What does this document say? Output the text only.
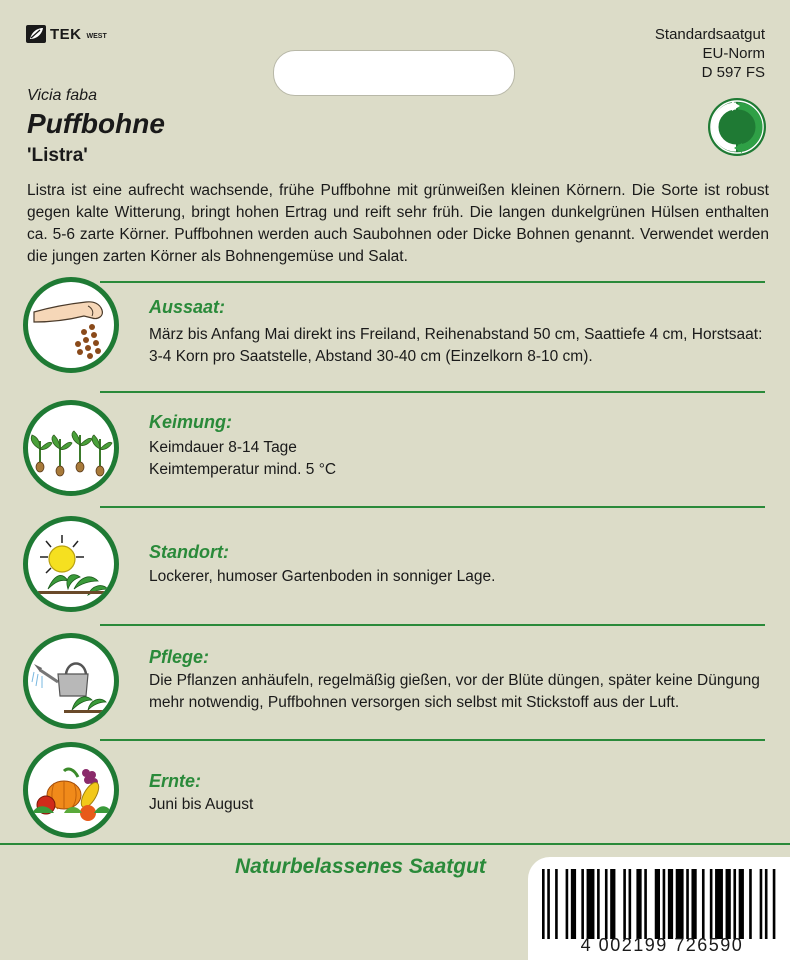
TEK WEST	Standardsaatgut
EU-Norm
D 597 FS
Vicia faba
Puffbohne
'Listra'

Listra ist eine aufrecht wachsende, frühe Puffbohne mit grünweißen kleinen Körnern. Die Sorte ist robust gegen kalte Witterung, bringt hohen Ertrag und reift sehr früh. Die langen dunkelgrünen Hülsen enthalten ca. 5-6 zarte Körner. Puffbohnen werden auch Saubohnen oder Dicke Bohnen genannt. Verwendet werden die jungen zarten Körner als Bohnengemüse und Salat.

Aussaat:

März bis Anfang Mai direkt ins Freiland, Reihenabstand 50 cm, Saattiefe 4 cm, Horstsaat: 3-4 Korn pro Saatstelle, Abstand 30-40 cm (Einzelkorn 8-10 cm).

Keimung:

Keimdauer 8-14 Tage
Keimtemperatur mind. 5 °C

Standort:

Lockerer, humoser Gartenboden in sonniger Lage.

Pflege:

Die Pflanzen anhäufeln, regelmäßig gießen, vor der Blüte düngen, später keine Düngung mehr notwendig, Puffbohnen versorgen sich selbst mit Stickstoff aus der Luft.

Ernte:

Juni bis August

Naturbelassenes Saatgut
4 002199 726590
